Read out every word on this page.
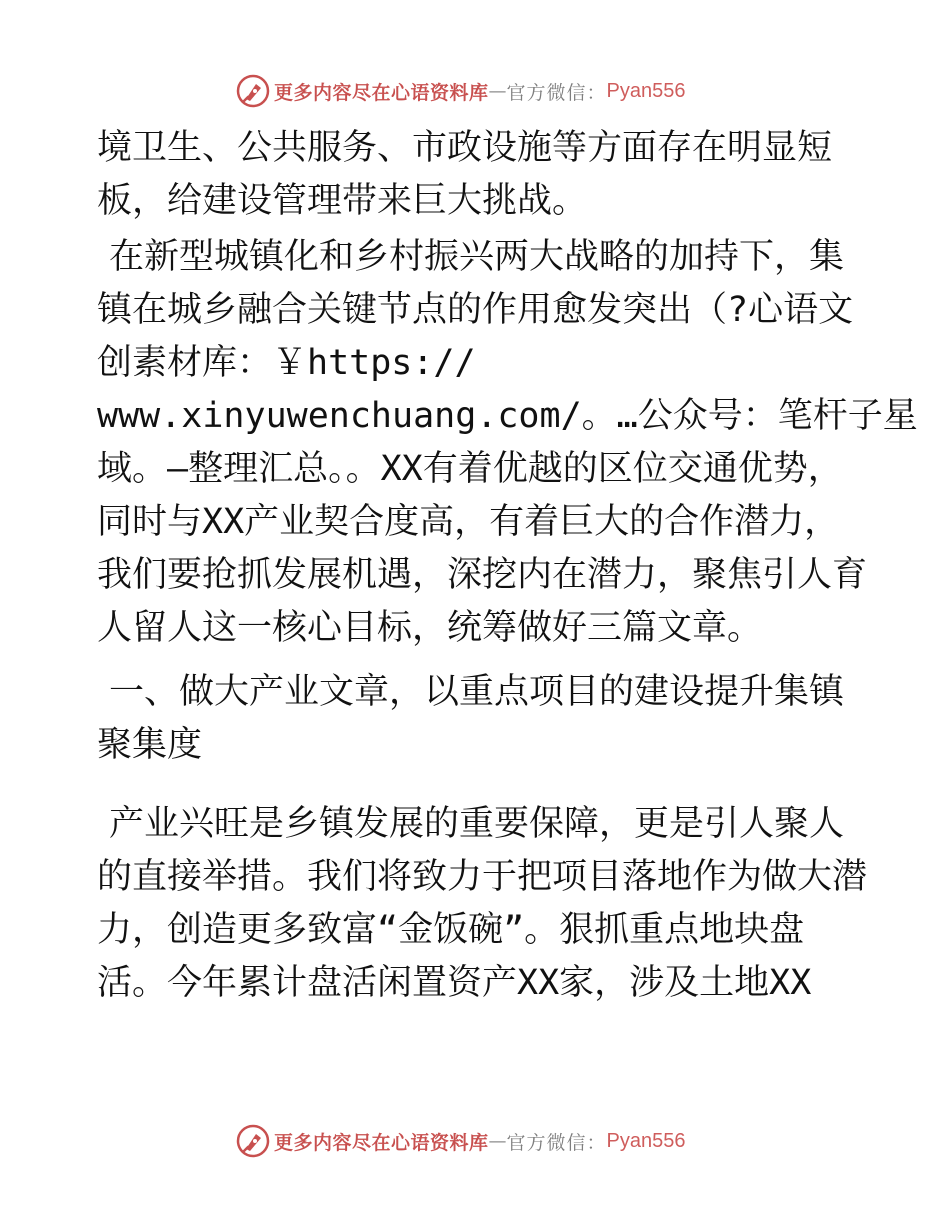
更多内容尽在心语资料库 — 官方微信： Pyan556

境卫生、公共服务、市政设施等方面存在明显短
板，给建设管理带来巨大挑战。

在新型城镇化和乡村振兴两大战略的加持下，集
镇在城乡融合关键节点的作用愈发突出（?心语文
创素材库：￥https://
www.xinyuwenchuang.com/。…公众号：笔杆子星
域。—整理汇总。。XX有着优越的区位交通优势，
同时与XX产业契合度高，有着巨大的合作潜力，
我们要抢抓发展机遇，深挖内在潜力，聚焦引人育
人留人这一核心目标，统筹做好三篇文章。

一、做大产业文章，以重点项目的建设提升集镇
聚集度

产业兴旺是乡镇发展的重要保障，更是引人聚人
的直接举措。我们将致力于把项目落地作为做大潜
力，创造更多致富“金饭碗”。狠抓重点地块盘
活。今年累计盘活闲置资产XX家，涉及土地XX

更多内容尽在心语资料库 — 官方微信： Pyan556
